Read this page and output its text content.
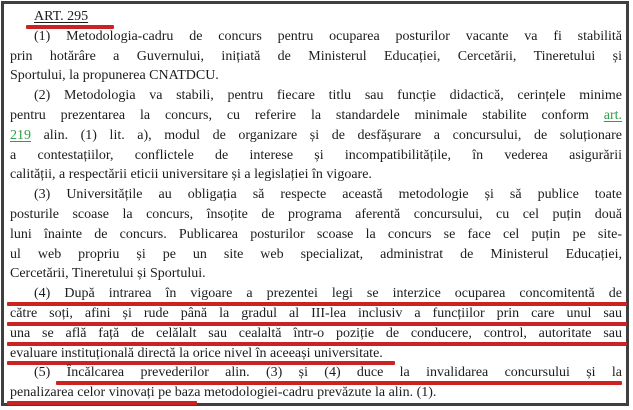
ART. 295
(1) Metodologia-cadru de concurs pentru ocuparea posturilor vacante va fi stabilită
prin hotărâre a Guvernului, inițiată de Ministerul Educației, Cercetării, Tineretului și
Sportului, la propunerea CNATDCU.
(2) Metodologia va stabili, pentru fiecare titlu sau funcție didactică, cerințele minime
pentru prezentarea la concurs, cu referire la standardele minimale stabilite conform art.
219 alin. (1) lit. a), modul de organizare și de desfășurare a concursului, de soluționare
a contestațiilor, conflictele de interese și incompatibilitățile, în vederea asigurării
calității, a respectării eticii universitare și a legislației în vigoare.
(3) Universitățile au obligația să respecte această metodologie și să publice toate
posturile scoase la concurs, însoțite de programa aferentă concursului, cu cel puțin două
luni înainte de concurs. Publicarea posturilor scoase la concurs se face cel puțin pe site-
ul web propriu și pe un site web specializat, administrat de Ministerul Educației,
Cercetării, Tineretului și Sportului.
(4) După intrarea în vigoare a prezentei legi se interzice ocuparea concomitentă de
către soți, afini și rude până la gradul al III-lea inclusiv a funcțiilor prin care unul sau
una se află față de celălalt sau cealaltă într-o poziție de conducere, control, autoritate sau
evaluare instituțională directă la orice nivel în aceeași universitate.
(5) Încălcarea prevederilor alin. (3) și (4) duce la invalidarea concursului și la
penalizarea celor vinovați pe baza metodologiei-cadru prevăzute la alin. (1).
